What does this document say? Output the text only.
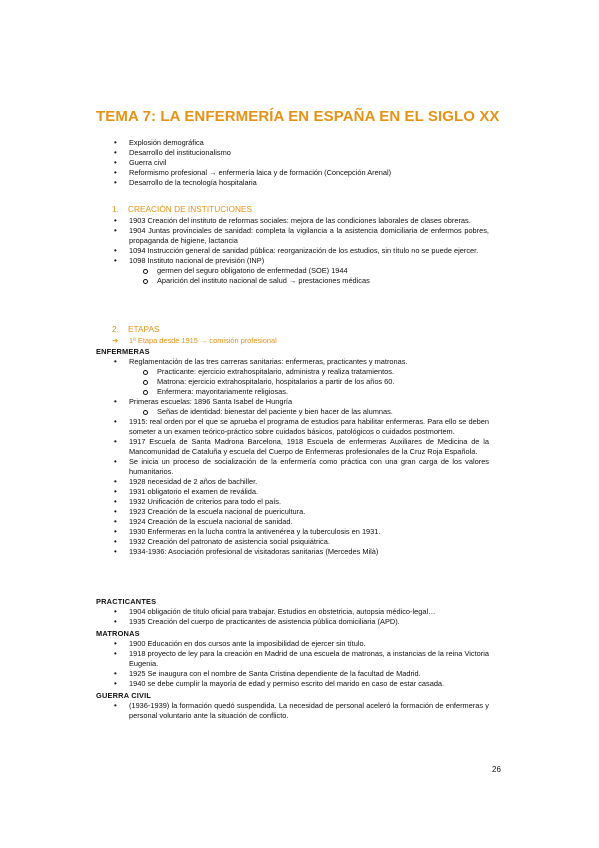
TEMA 7: LA ENFERMERÍA EN ESPAÑA EN EL SIGLO XX
• Explosión demográfica
• Desarrollo del institucionalismo
• Guerra civil
• Reformismo profesional → enfermería laica y de formación (Concepción Arenal)
• Desarrollo de la tecnología hospitalaria
1. CREACIÓN DE INSTITUCIONES
• 1903 Creación del instituto de reformas sociales: mejora de las condiciones laborales de clases obreras.
• 1904 Juntas provinciales de sanidad: completa la vigilancia a la asistencia domiciliaria de enfermos pobres, propaganda de higiene, lactancia
• 1094 Instrucción general de sanidad pública: reorganización de los estudios, sin título no se puede ejercer.
• 1098 Instituto nacional de previsión (INP)
germen del seguro obligatorio de enfermedad (SOE) 1944
Aparición del instituto nacional de salud → prestaciones médicas
2. ETAPAS
➔ 1ª Etapa desde 1915 → comisión profesional
ENFERMERAS
• Reglamentación de las tres carreras sanitarias: enfermeras, practicantes y matronas.
Practicante: ejercicio extrahospitalario, administra y realiza tratamientos.
Matrona: ejercicio extrahospitalario, hospitalarios a partir de los años 60.
Enfermera: mayoritariamente religiosas.
• Primeras escuelas: 1896 Santa Isabel de Hungría
Señas de identidad: bienestar del paciente y bien hacer de las alumnas.
• 1915: real orden por el que se aprueba el programa de estudios para habilitar enfermeras. Para ello se deben someter a un examen teórico-práctico sobre cuidados básicos, patológicos o cuidados postmortem.
• 1917 Escuela de Santa Madrona Barcelona, 1918 Escuela de enfermeras Auxiliares de Medicina de la Mancomunidad de Cataluña y escuela del Cuerpo de Enfermeras profesionales de la Cruz Roja Española.
• Se inicia un proceso de socialización de la enfermería como práctica con una gran carga de los valores humanitarios.
• 1928 necesidad de 2 años de bachiller.
• 1931 obligatorio el examen de reválida.
• 1932 Unificación de criterios para todo el país.
• 1923 Creación de la escuela nacional de puericultura.
• 1924 Creación de la escuela nacional de sanidad.
• 1930 Enfermeras en la lucha contra la antivenérea y la tuberculosis en 1931.
• 1932 Creación del patronato de asistencia social psiquiátrica.
• 1934-1936: Asociación profesional de visitadoras sanitarias (Mercedes Milà)
PRACTICANTES
• 1904 obligación de título oficial para trabajar. Estudios en obstetricia, autopsia médico-legal…
• 1935 Creación del cuerpo de practicantes de asistencia pública domiciliaria (APD).
MATRONAS
• 1900 Educación en dos cursos ante la imposibilidad de ejercer sin título.
• 1918 proyecto de ley para la creación en Madrid de una escuela de matronas, a instancias de la reina Victoria Eugenia.
• 1925 Se inaugura con el nombre de Santa Cristina dependiente de la facultad de Madrid.
• 1940 se debe cumplir la mayoría de edad y permiso escrito del marido en caso de estar casada.
GUERRA CIVIL
• (1936-1939) la formación quedó suspendida. La necesidad de personal aceleró la formación de enfermeras y personal voluntario ante la situación de conflicto.
26
